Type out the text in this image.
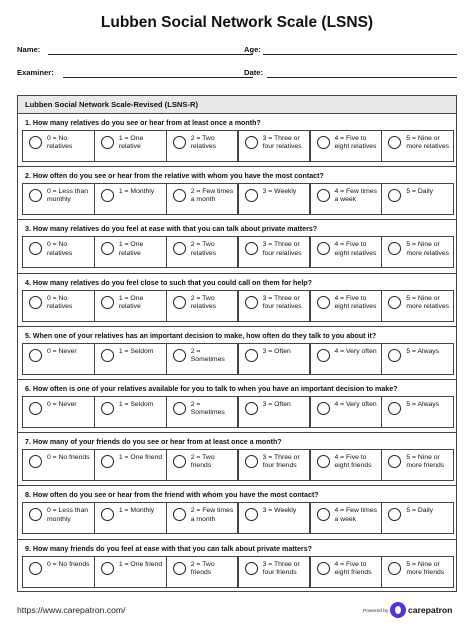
Lubben Social Network Scale (LSNS)
Name:	Age:
Examiner:	Date:
Lubben Social Network Scale-Revised (LSNS-R)
1. How many relatives do you see or hear from at least once a month?
0 = No relatives
1 = One relative
2 = Two relatives
3 = Three or four relatives
4 = Five to eight relatives
5 = Nine or more relatives
2. How often do you see or hear from the relative with whom you have the most contact?
0 = Less than monthly
1 = Monthly	2 = Few times a month
3 = Weekly	4 = Few times a week
5 = Daily
3. How many relatives do you feel at ease with that you can talk about private matters?
0 = No relatives
1 = One relative
2 = Two relatives
3 = Three or four relatives
4 = Five to eight relatives
5 = Nine or more relatives
4. How many relatives do you feel close to such that you could call on them for help?
0 = No relatives
1 = One relative
2 = Two relatives
3 = Three or four relatives
4 = Five to eight relatives
5 = Nine or more relatives
5. When one of your relatives has an important decision to make, how often do they talk to you about it?
0 = Never	1 = Seldom	2 = Sometimes
3 = Often	4 = Very often	5 = Always
6. How often is one of your relatives available for you to talk to when you have an important decision to make?
0 = Never	1 = Seldom	2 = Sometimes
3 = Often	4 = Very often	5 = Always
7. How many of your friends do you see or hear from at least once a month?
0 = No friends	1 = One friend	2 = Two friends
3 = Three or four friends
4 = Five to eight friends
5 = Nine or more friends
8. How often do you see or hear from the friend with whom you have the most contact?
0 = Less than monthly
1 = Monthly	2 = Few times a month
3 = Weekly	4 = Few times a week
5 = Daily
9. How many friends do you feel at ease with that you can talk about private matters?
0 = No friends	1 = One friend	2 = Two friends
3 = Three or four friends
4 = Five to eight friends
5 = Nine or more friends
https://www.carepatron.com/	Powered by carepatron
